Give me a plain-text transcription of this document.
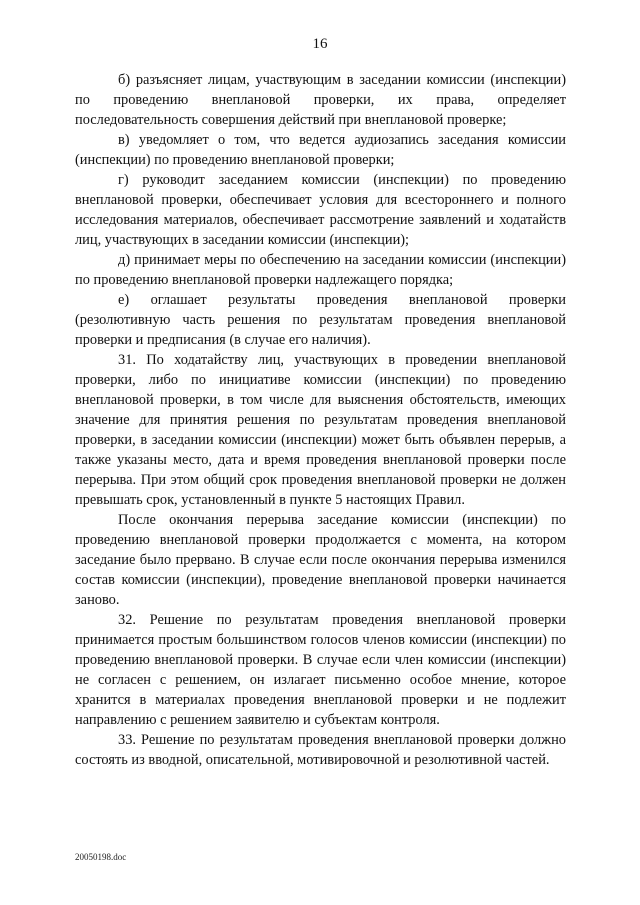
16

б) разъясняет лицам, участвующим в заседании комиссии (инспекции) по проведению внеплановой проверки, их права, определяет последовательность совершения действий при внеплановой проверке;

в) уведомляет о том, что ведется аудиозапись заседания комиссии (инспекции) по проведению внеплановой проверки;

г) руководит заседанием комиссии (инспекции) по проведению внеплановой проверки, обеспечивает условия для всестороннего и полного исследования материалов, обеспечивает рассмотрение заявлений и ходатайств лиц, участвующих в заседании комиссии (инспекции);

д) принимает меры по обеспечению на заседании комиссии (инспекции) по проведению внеплановой проверки надлежащего порядка;

е) оглашает результаты проведения внеплановой проверки (резолютивную часть решения по результатам проведения внеплановой проверки и предписания (в случае его наличия).

31. По ходатайству лиц, участвующих в проведении внеплановой проверки, либо по инициативе комиссии (инспекции) по проведению внеплановой проверки, в том числе для выяснения обстоятельств, имеющих значение для принятия решения по результатам проведения внеплановой проверки, в заседании комиссии (инспекции) может быть объявлен перерыв, а также указаны место, дата и время проведения внеплановой проверки после перерыва. При этом общий срок проведения внеплановой проверки не должен превышать срок, установленный в пункте 5 настоящих Правил.

После окончания перерыва заседание комиссии (инспекции) по проведению внеплановой проверки продолжается с момента, на котором заседание было прервано. В случае если после окончания перерыва изменился состав комиссии (инспекции), проведение внеплановой проверки начинается заново.

32. Решение по результатам проведения внеплановой проверки принимается простым большинством голосов членов комиссии (инспекции) по проведению внеплановой проверки. В случае если член комиссии (инспекции) не согласен с решением, он излагает письменно особое мнение, которое хранится в материалах проведения внеплановой проверки и не подлежит направлению с решением заявителю и субъектам контроля.

33. Решение по результатам проведения внеплановой проверки должно состоять из вводной, описательной, мотивировочной и резолютивной частей.

20050198.doc
